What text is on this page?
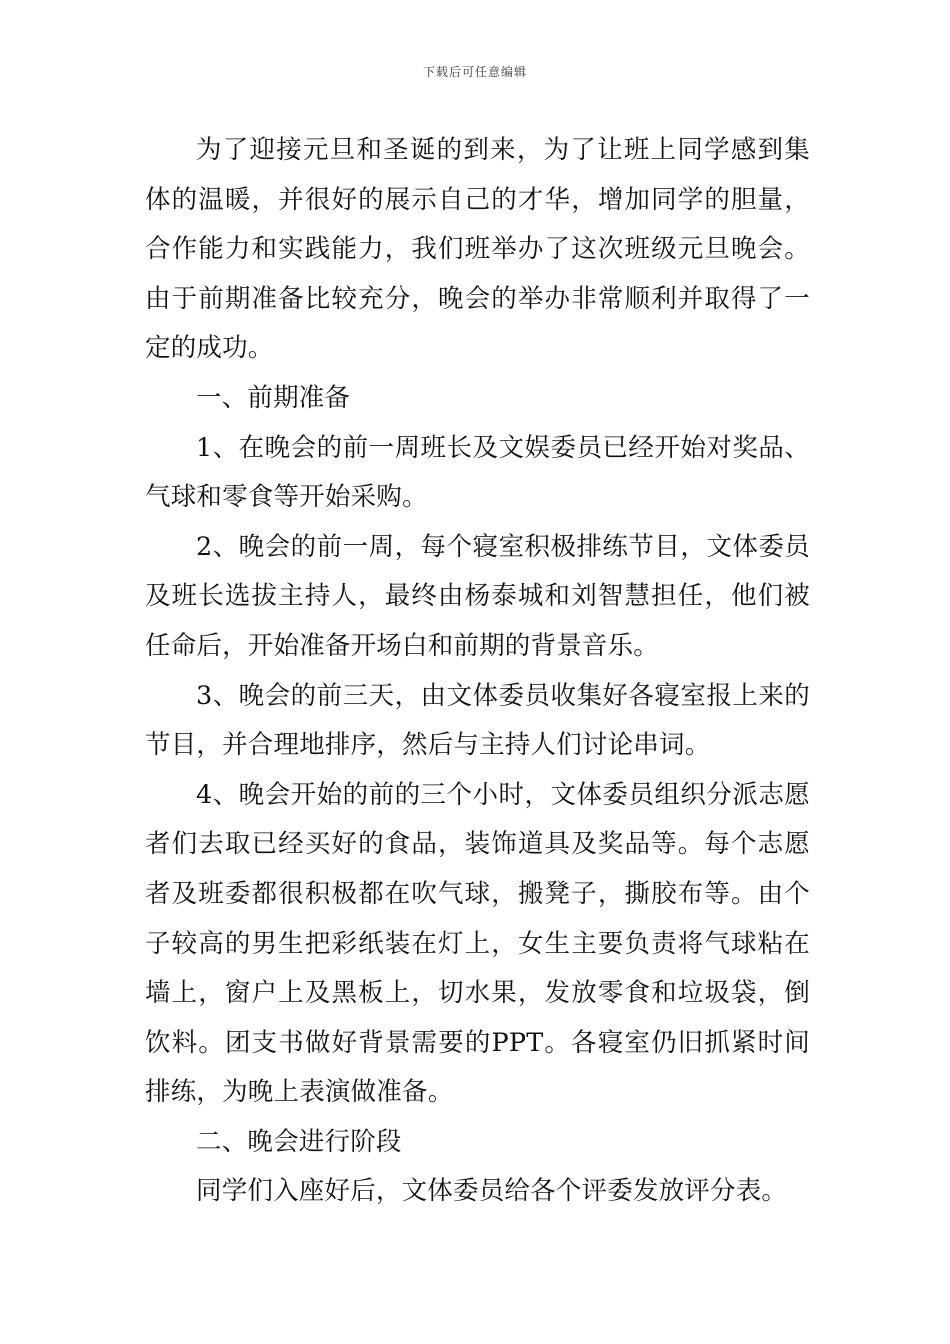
下载后可任意编辑

为了迎接元旦和圣诞的到来，为了让班上同学感到集体的温暖，并很好的展示自己的才华，增加同学的胆量，合作能力和实践能力，我们班举办了这次班级元旦晚会。由于前期准备比较充分，晚会的举办非常顺利并取得了一定的成功。

一、前期准备

1、在晚会的前一周班长及文娱委员已经开始对奖品、气球和零食等开始采购。

2、晚会的前一周，每个寝室积极排练节目，文体委员及班长选拔主持人，最终由杨泰城和刘智慧担任，他们被任命后，开始准备开场白和前期的背景音乐。

3、晚会的前三天，由文体委员收集好各寝室报上来的节目，并合理地排序，然后与主持人们讨论串词。

4、晚会开始的前的三个小时，文体委员组织分派志愿者们去取已经买好的食品，装饰道具及奖品等。每个志愿者及班委都很积极都在吹气球，搬凳子，撕胶布等。由个子较高的男生把彩纸装在灯上，女生主要负责将气球粘在墙上，窗户上及黑板上，切水果，发放零食和垃圾袋，倒饮料。团支书做好背景需要的PPT。各寝室仍旧抓紧时间排练，为晚上表演做准备。

二、晚会进行阶段

同学们入座好后，文体委员给各个评委发放评分表。
